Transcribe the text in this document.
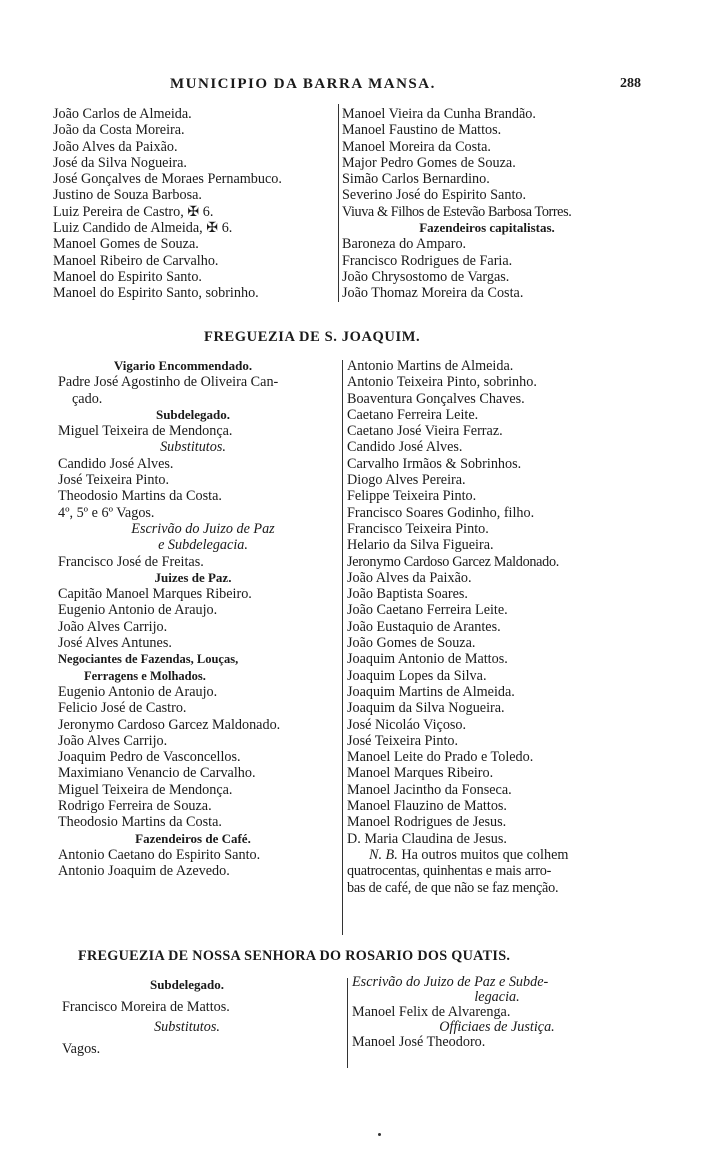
MUNICIPIO DA BARRA MANSA.	288
João Carlos de Almeida.
João da Costa Moreira.
João Alves da Paixão.
José da Silva Nogueira.
José Gonçalves de Moraes Pernambuco.
Justino de Souza Barbosa.
Luiz Pereira de Castro, ✠ 6.
Luiz Candido de Almeida, ✠ 6.
Manoel Gomes de Souza.
Manoel Ribeiro de Carvalho.
Manoel do Espirito Santo.
Manoel do Espirito Santo, sobrinho.
Manoel Vieira da Cunha Brandão.
Manoel Faustino de Mattos.
Manoel Moreira da Costa.
Major Pedro Gomes de Souza.
Simão Carlos Bernardino.
Severino José do Espirito Santo.
Viuva & Filhos de Estevão Barbosa Torres.
Fazendeiros capitalistas.
Baroneza do Amparo.
Francisco Rodrigues de Faria.
João Chrysostomo de Vargas.
João Thomaz Moreira da Costa.
FREGUEZIA DE S. JOAQUIM.
Vigario Encommendado.
Padre José Agostinho de Oliveira Can-
çado.
Subdelegado.
Miguel Teixeira de Mendonça.
Substitutos.
Candido José Alves.
José Teixeira Pinto.
Theodosio Martins da Costa.
4º, 5º e 6º Vagos.
Escrivão do Juizo de Paz
e Subdelegacia.
Francisco José de Freitas.
Juizes de Paz.
Capitão Manoel Marques Ribeiro.
Eugenio Antonio de Araujo.
João Alves Carrijo.
José Alves Antunes.
Negociantes de Fazendas, Louças,
Ferragens e Molhados.
Eugenio Antonio de Araujo.
Felicio José de Castro.
Jeronymo Cardoso Garcez Maldonado.
João Alves Carrijo.
Joaquim Pedro de Vasconcellos.
Maximiano Venancio de Carvalho.
Miguel Teixeira de Mendonça.
Rodrigo Ferreira de Souza.
Theodosio Martins da Costa.
Fazendeiros de Café.
Antonio Caetano do Espirito Santo.
Antonio Joaquim de Azevedo.
Antonio Martins de Almeida.
Antonio Teixeira Pinto, sobrinho.
Boaventura Gonçalves Chaves.
Caetano Ferreira Leite.
Caetano José Vieira Ferraz.
Candido José Alves.
Carvalho Irmãos & Sobrinhos.
Diogo Alves Pereira.
Felippe Teixeira Pinto.
Francisco Soares Godinho, filho.
Francisco Teixeira Pinto.
Helario da Silva Figueira.
Jeronymo Cardoso Garcez Maldonado.
João Alves da Paixão.
João Baptista Soares.
João Caetano Ferreira Leite.
João Eustaquio de Arantes.
João Gomes de Souza.
Joaquim Antonio de Mattos.
Joaquim Lopes da Silva.
Joaquim Martins de Almeida.
Joaquim da Silva Nogueira.
José Nicoláo Viçoso.
José Teixeira Pinto.
Manoel Leite do Prado e Toledo.
Manoel Marques Ribeiro.
Manoel Jacintho da Fonseca.
Manoel Flauzino de Mattos.
Manoel Rodrigues de Jesus.
D. Maria Claudina de Jesus.
N. B. Ha outros muitos que colhem
quatrocentas, quinhentas e mais arro-
bas de café, de que não se faz menção.
FREGUEZIA DE NOSSA SENHORA DO ROSARIO DOS QUATIS.
Subdelegado.
Francisco Moreira de Mattos.
Substitutos.
Vagos.
Escrivão do Juizo de Paz e Subde-
legacia.
Manoel Felix de Alvarenga.
Officiaes de Justiça.
Manoel José Theodoro.
